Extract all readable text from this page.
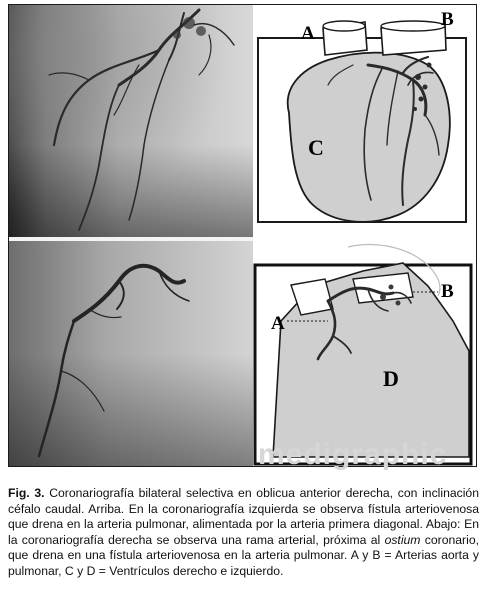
A
B
C
A
B
D
medigraphic
Fig. 3. Coronariografía bilateral selectiva en oblicua anterior derecha, con inclinación céfalo caudal. Arriba. En la coronariografía izquierda se observa fístula arteriovenosa que drena en la arteria pulmonar, alimentada por la arteria primera diagonal. Abajo: En la coronariografía derecha se observa una rama arterial, próxima al ostium coronario, que drena en una fístula arteriovenosa en la arteria pulmonar. A y B = Arterias aorta y pulmonar, C y D = Ventrículos derecho e izquierdo.
